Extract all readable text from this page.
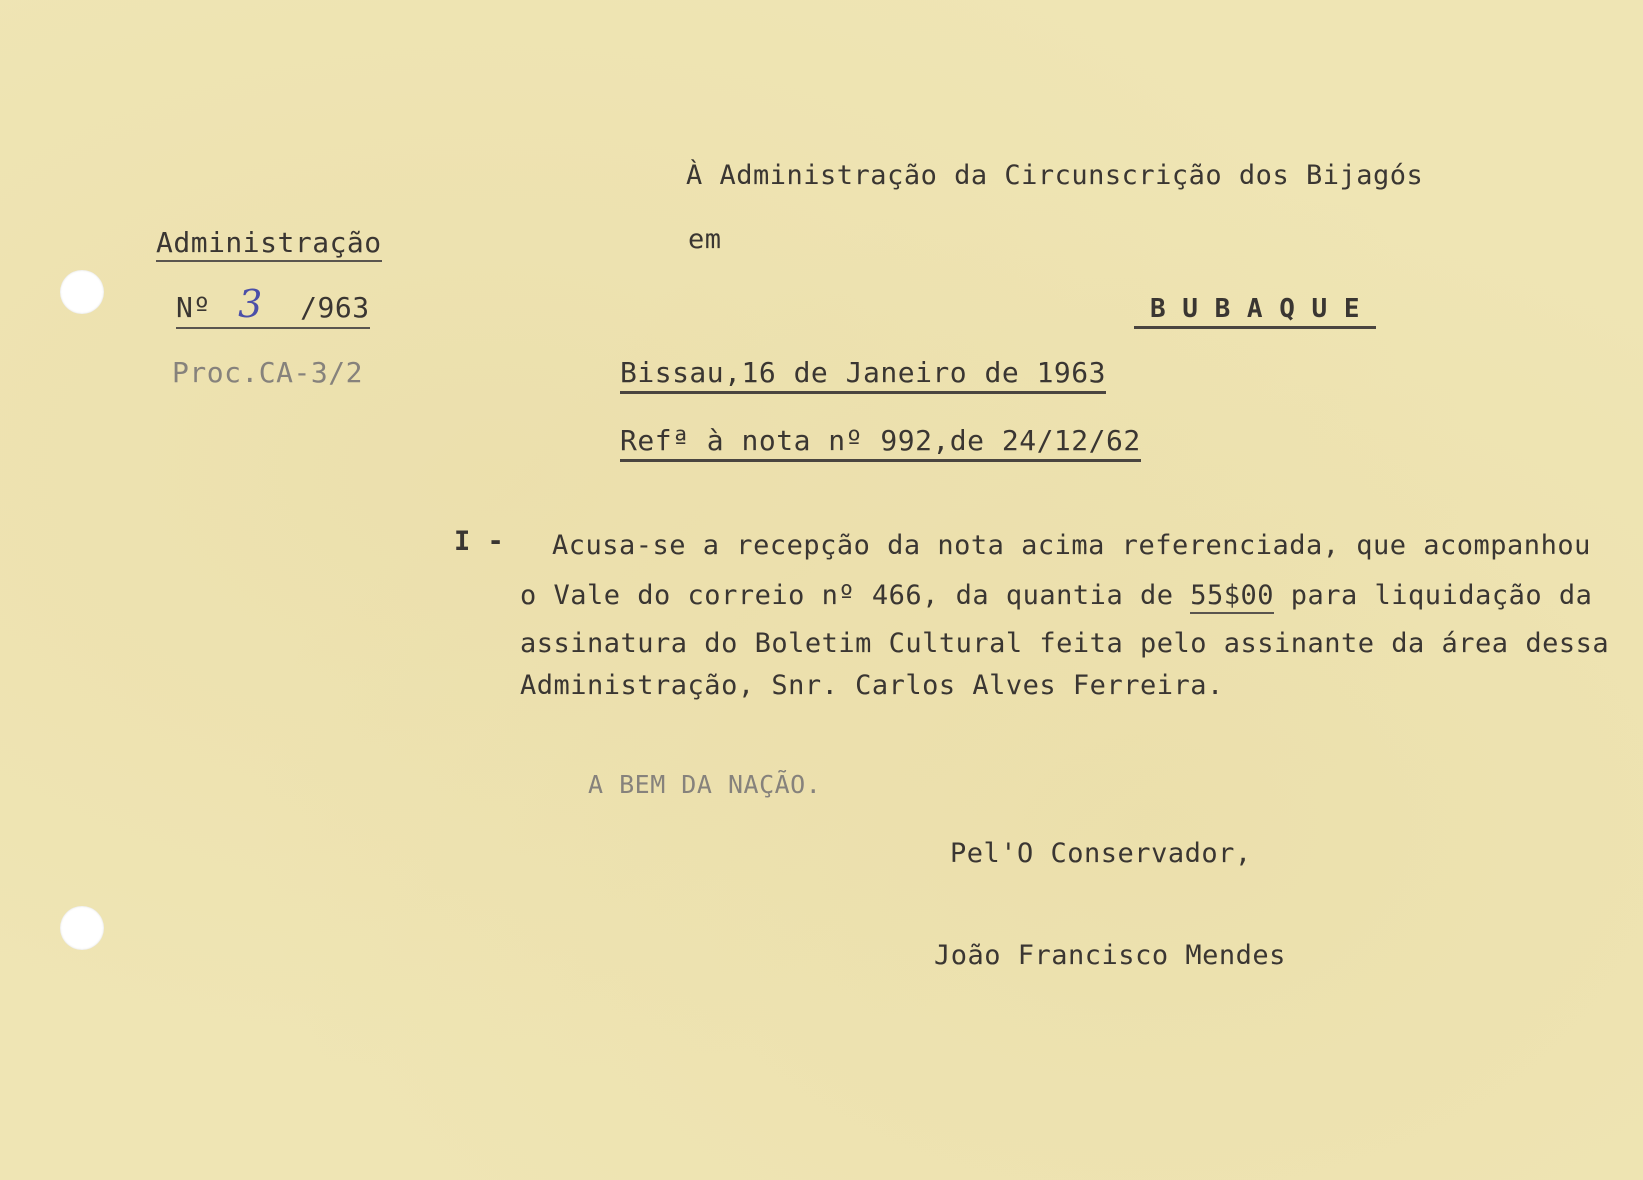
Administração
Nº 3 /963
Proc.CA-3/2
À Administração da Circunscrição dos Bijagós
em
B U B A Q U E
Bissau,16 de Janeiro de 1963
Refª à nota nº 992,de 24/12/62
I - Acusa-se a recepção da nota acima referenciada, que acompanhou
o Vale do correio nº 466, da quantia de 55$00 para liquidação da
assinatura do Boletim Cultural feita pelo assinante da área dessa
Administração, Snr. Carlos Alves Ferreira.
A BEM DA NAÇÃO.
Pel'O Conservador,
João Francisco Mendes
